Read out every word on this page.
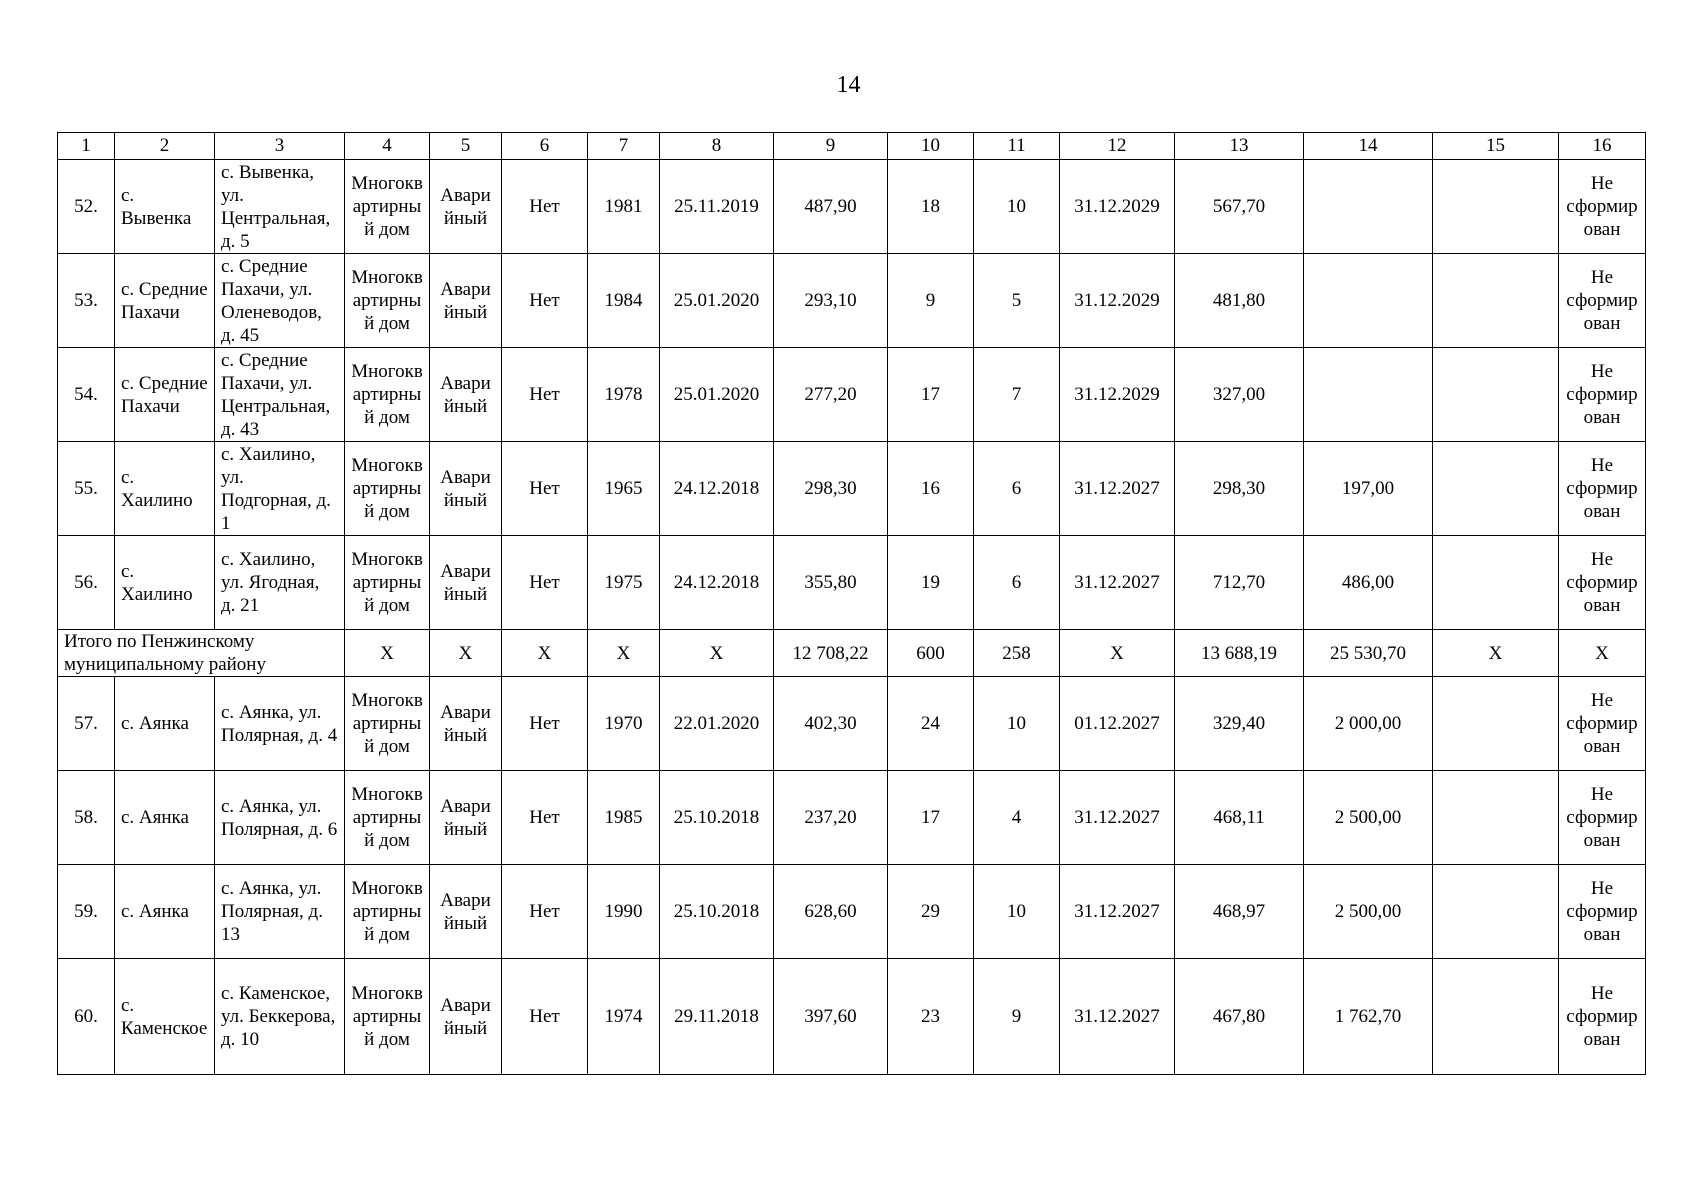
14
1	2	3	4	5	6	7	8	9	10	11	12	13	14	15	16
52.	с. Вывенка	с. Вывенка, ул. Центральная, д. 5	Многоквартирный дом	Аварийный	Нет	1981	25.11.2019	487,90	18	10	31.12.2029	567,70			Не сформирован
53.	с. Средние Пахачи	с. Средние Пахачи, ул. Оленеводов, д. 45	Многоквартирный дом	Аварийный	Нет	1984	25.01.2020	293,10	9	5	31.12.2029	481,80			Не сформирован
54.	с. Средние Пахачи	с. Средние Пахачи, ул. Центральная, д. 43	Многоквартирный дом	Аварийный	Нет	1978	25.01.2020	277,20	17	7	31.12.2029	327,00			Не сформирован
55.	с. Хаилино	с. Хаилино, ул. Подгорная, д. 1	Многоквартирный дом	Аварийный	Нет	1965	24.12.2018	298,30	16	6	31.12.2027	298,30	197,00		Не сформирован
56.	с. Хаилино	с. Хаилино, ул. Ягодная, д. 21	Многоквартирный дом	Аварийный	Нет	1975	24.12.2018	355,80	19	6	31.12.2027	712,70	486,00		Не сформирован
Итого по Пенжинскому муниципальному району			Х	Х	Х	Х	Х	12 708,22	600	258	Х	13 688,19	25 530,70	Х	Х
57.	с. Аянка	с. Аянка, ул. Полярная, д. 4	Многоквартирный дом	Аварийный	Нет	1970	22.01.2020	402,30	24	10	01.12.2027	329,40	2 000,00		Не сформирован
58.	с. Аянка	с. Аянка, ул. Полярная, д. 6	Многоквартирный дом	Аварийный	Нет	1985	25.10.2018	237,20	17	4	31.12.2027	468,11	2 500,00		Не сформирован
59.	с. Аянка	с. Аянка, ул. Полярная, д. 13	Многоквартирный дом	Аварийный	Нет	1990	25.10.2018	628,60	29	10	31.12.2027	468,97	2 500,00		Не сформирован
60.	с. Каменское	с. Каменское, ул. Беккерова, д. 10	Многоквартирный дом	Аварийный	Нет	1974	29.11.2018	397,60	23	9	31.12.2027	467,80	1 762,70		Не сформирован
